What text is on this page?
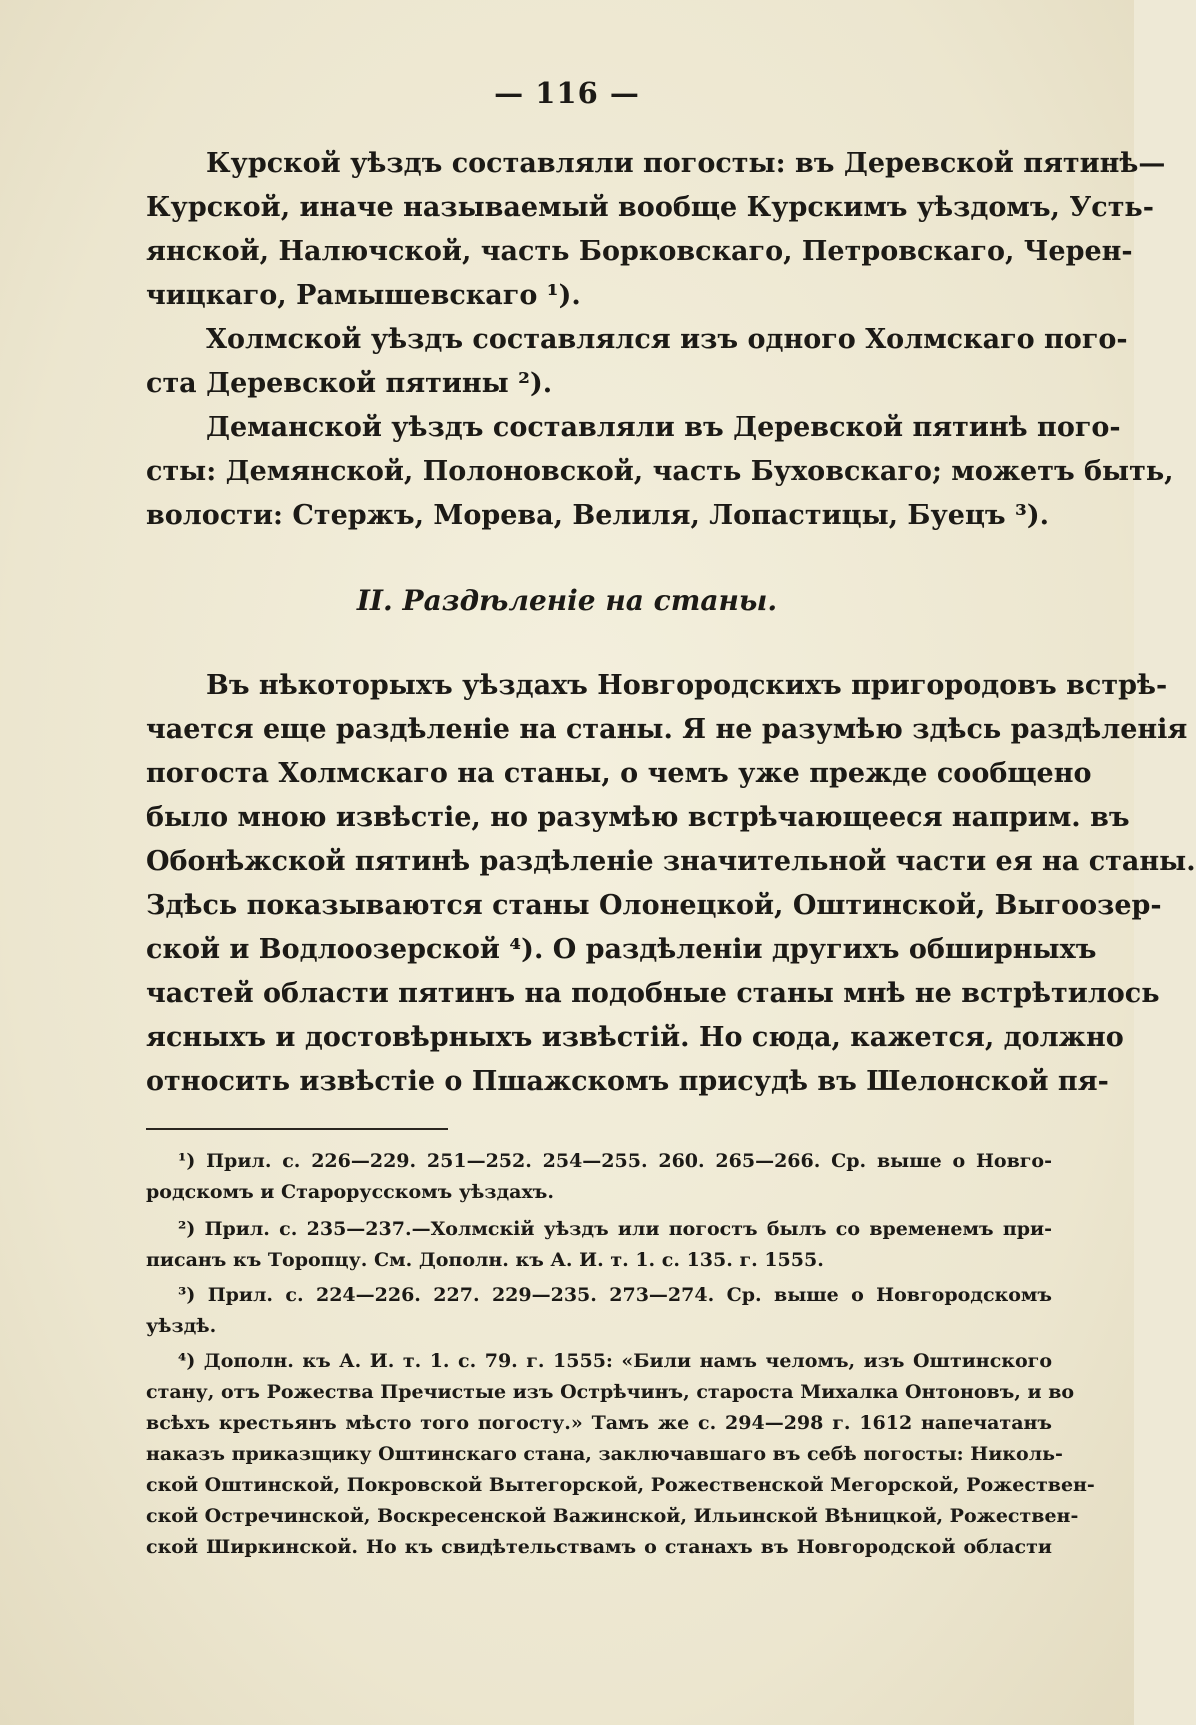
— 116 —
Курской уѣздъ составляли погосты: въ Деревской пятинѣ—
Курской, иначе называемый вообще Курскимъ уѣздомъ, Усть-
янской, Налючской, часть Борковскаго, Петровскаго, Черен-
чицкаго, Рамышевскаго ¹).
Холмской уѣздъ составлялся изъ одного Холмскаго пого-
ста Деревской пятины ²).
Деманской уѣздъ составляли въ Деревской пятинѣ пого-
сты: Демянской, Полоновской, часть Буховскаго; можетъ быть,
волости: Стержъ, Морева, Велиля, Лопастицы, Буецъ ³).
II. Раздѣленіе на станы.
Въ нѣкоторыхъ уѣздахъ Новгородскихъ пригородовъ встрѣ-
чается еще раздѣленіе на станы. Я не разумѣю здѣсь раздѣленія
погоста Холмскаго на станы, о чемъ уже прежде сообщено
было мною извѣстіе, но разумѣю встрѣчающееся наприм. въ
Обонѣжской пятинѣ раздѣленіе значительной части ея на станы.
Здѣсь показываются станы Олонецкой, Оштинской, Выгоозер-
ской и Водлоозерской ⁴). О раздѣленіи другихъ обширныхъ
частей области пятинъ на подобные станы мнѣ не встрѣтилось
ясныхъ и достовѣрныхъ извѣстій. Но сюда, кажется, должно
относить извѣстіе о Пшажскомъ присудѣ въ Шелонской пя-
¹) Прил. с. 226—229. 251—252. 254—255. 260. 265—266. Ср. выше о Новго-
родскомъ и Старорусскомъ уѣздахъ.
²) Прил. с. 235—237.—Холмскій уѣздъ или погостъ былъ со временемъ при-
писанъ къ Торопцу. См. Дополн. къ А. И. т. 1. с. 135. г. 1555.
³) Прил. с. 224—226. 227. 229—235. 273—274. Ср. выше о Новгородскомъ
уѣздѣ.
⁴) Дополн. къ А. И. т. 1. с. 79. г. 1555: «Били намъ челомъ, изъ Оштинского
стану, отъ Рожества Пречистые изъ Острѣчинъ, староста Михалка Онтоновъ, и во
всѣхъ крестьянъ мѣсто того погосту.» Тамъ же с. 294—298 г. 1612 напечатанъ
наказъ приказщику Оштинскаго стана, заключавшаго въ себѣ погосты: Николь-
ской Оштинской, Покровской Вытегорской, Рожественской Мегорской, Рожествен-
ской Остречинской, Воскресенской Важинской, Ильинской Вѣницкой, Рожествен-
ской Ширкинской. Но къ свидѣтельствамъ о станахъ въ Новгородской области
